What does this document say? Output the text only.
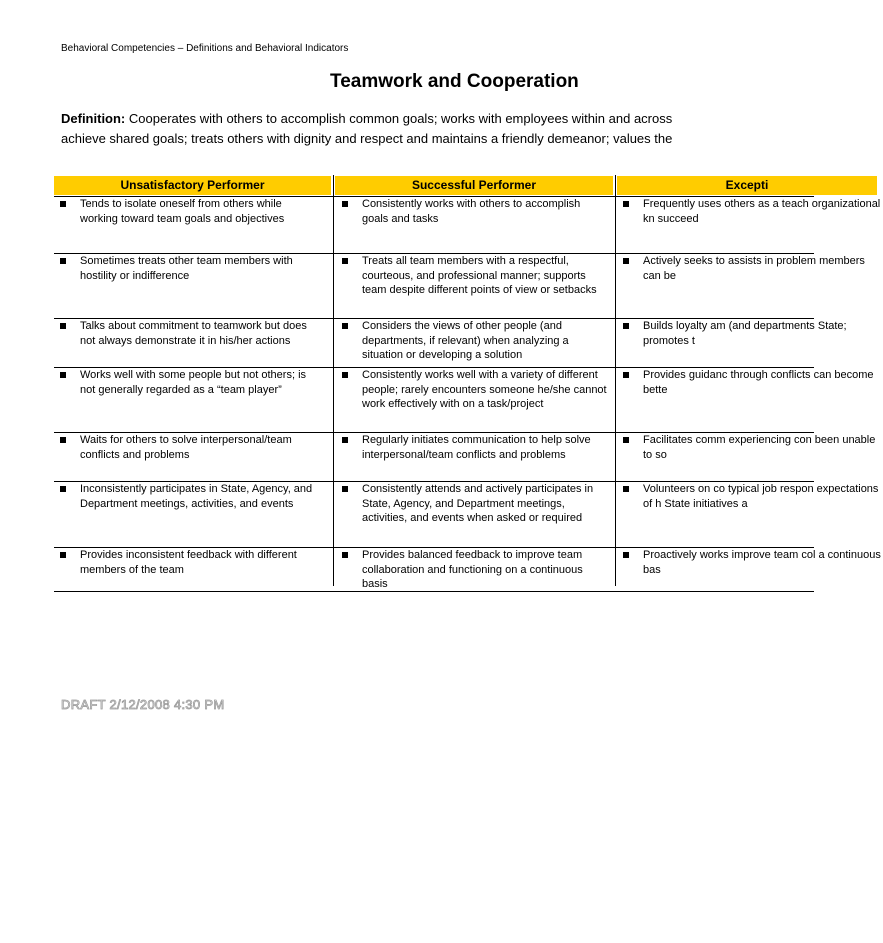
Behavioral Competencies – Definitions and Behavioral Indicators
Teamwork and Cooperation
Definition: Cooperates with others to accomplish common goals; works with employees within and across
achieve shared goals; treats others with dignity and respect and maintains a friendly demeanor; values the
Unsatisfactory Performer	Successful Performer	Excepti
Tends to isolate oneself from others while working toward team goals and objectives
Consistently works with others to accomplish goals and tasks
Frequently uses others as a teach organizational kn succeed
Sometimes treats other team members with hostility or indifference
Treats all team members with a respectful, courteous, and professional manner; supports team despite different points of view or setbacks
Actively seeks to assists in problem members can be
Talks about commitment to teamwork but does not always demonstrate it in his/her actions
Considers the views of other people (and departments, if relevant) when analyzing a situation or developing a solution
Builds loyalty am (and departments State; promotes t
Works well with some people but not others; is not generally regarded as a “team player”
Consistently works well with a variety of different people; rarely encounters someone he/she cannot work effectively with on a task/project
Provides guidanc through conflicts can become bette
Waits for others to solve interpersonal/team conflicts and problems
Regularly initiates communication to help solve interpersonal/team conflicts and problems
Facilitates comm experiencing con been unable to so
Inconsistently participates in State, Agency, and Department meetings, activities, and events
Consistently attends and actively participates in State, Agency, and Department meetings, activities, and events when asked or required
Volunteers on co typical job respon expectations of h State initiatives a
Provides inconsistent feedback with different members of the team
Provides balanced feedback to improve team collaboration and functioning on a continuous basis
Proactively works improve team col a continuous bas
DRAFT 2/12/2008 4:30 PM
